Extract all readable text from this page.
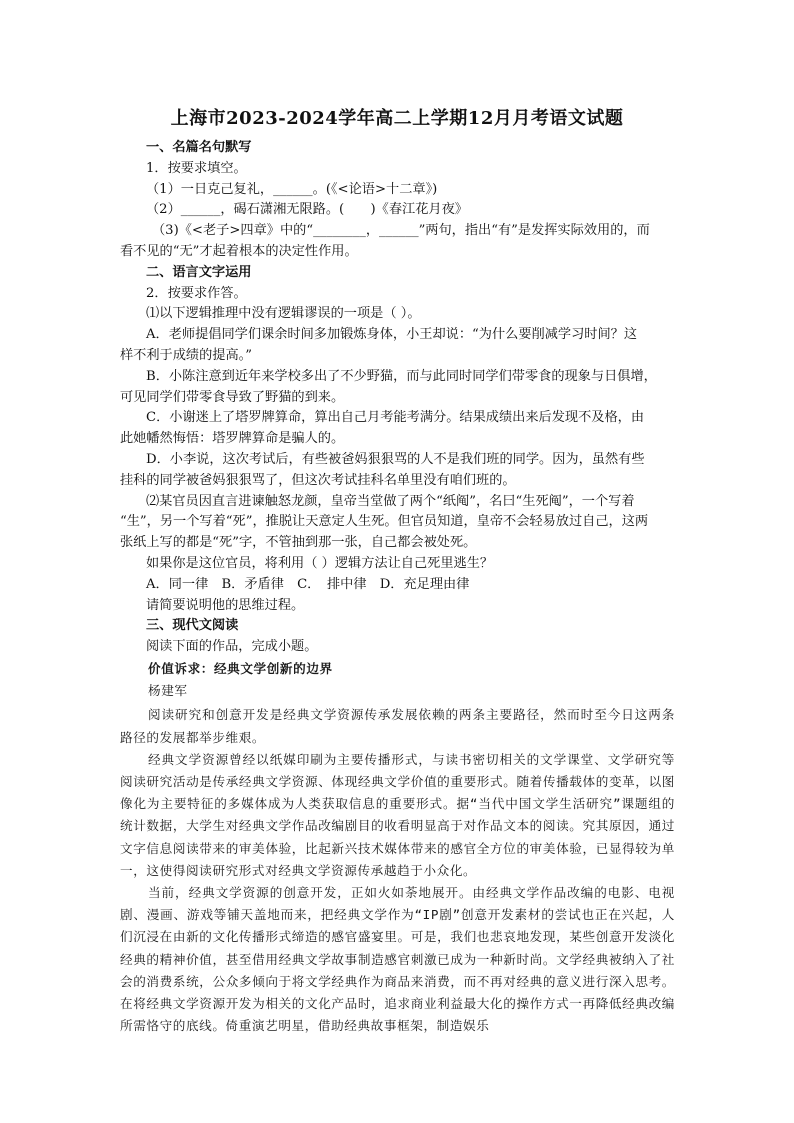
上海市2023-2024学年高二上学期12月月考语文试题
一、名篇名句默写
1．按要求填空。
（1）一日克己复礼，______。(《<论语>十二章》)
（2）______，碣石潇湘无限路。(　　)《春江花月夜》
（3)《<老子>四章》中的“________，______”两句，指出“有”是发挥实际效用的，而
看不见的“无”才起着根本的决定性作用。
二、语言文字运用
2．按要求作答。
⑴以下逻辑推理中没有逻辑谬误的一项是（ ）。
A．老师提倡同学们课余时间多加锻炼身体，小王却说：“为什么要削减学习时间？这
样不利于成绩的提高。”
B．小陈注意到近年来学校多出了不少野猫，而与此同时同学们带零食的现象与日俱增，
可见同学们带零食导致了野猫的到来。
C．小谢迷上了塔罗牌算命，算出自己月考能考满分。结果成绩出来后发现不及格，由
此她幡然悔悟：塔罗牌算命是骗人的。
D．小李说，这次考试后，有些被爸妈狠狠骂的人不是我们班的同学。因为，虽然有些
挂科的同学被爸妈狠狠骂了，但这次考试挂科名单里没有咱们班的。
⑵某官员因直言进谏触怒龙颜，皇帝当堂做了两个“纸阄”，名曰“生死阄”，一个写着
“生”，另一个写着“死”，推脱让天意定人生死。但官员知道，皇帝不会轻易放过自己，这两
张纸上写的都是“死”字，不管抽到那一张，自己都会被处死。
如果你是这位官员，将利用（ ）逻辑方法让自己死里逃生？
A．同一律　B．矛盾律　C．　排中律　D．充足理由律
请简要说明他的思维过程。
三、现代文阅读
阅读下面的作品，完成小题。
价值诉求：经典文学创新的边界
杨建军
阅读研究和创意开发是经典文学资源传承发展依赖的两条主要路径，然而时至今日这两条路径的发展都举步维艰。
经典文学资源曾经以纸媒印刷为主要传播形式，与读书密切相关的文学课堂、文学研究等阅读研究活动是传承经典文学资源、体现经典文学价值的重要形式。随着传播载体的变革，以图像化为主要特征的多媒体成为人类获取信息的重要形式。据“当代中国文学生活研究”课题组的统计数据，大学生对经典文学作品改编剧目的收看明显高于对作品文本的阅读。究其原因，通过文字信息阅读带来的审美体验，比起新兴技术媒体带来的感官全方位的审美体验，已显得较为单一，这使得阅读研究形式对经典文学资源传承越趋于小众化。
当前，经典文学资源的创意开发，正如火如荼地展开。由经典文学作品改编的电影、电视剧、漫画、游戏等铺天盖地而来，把经典文学作为“IP剧”创意开发素材的尝试也正在兴起，人们沉浸在由新的文化传播形式缔造的感官盛宴里。可是，我们也悲哀地发现，某些创意开发淡化经典的精神价值，甚至借用经典文学故事制造感官刺激已成为一种新时尚。文学经典被纳入了社会的消费系统，公众多倾向于将文学经典作为商品来消费，而不再对经典的意义进行深入思考。在将经典文学资源开发为相关的文化产品时，追求商业利益最大化的操作方式一再降低经典改编所需恪守的底线。倚重演艺明星，借助经典故事框架，制造娱乐
